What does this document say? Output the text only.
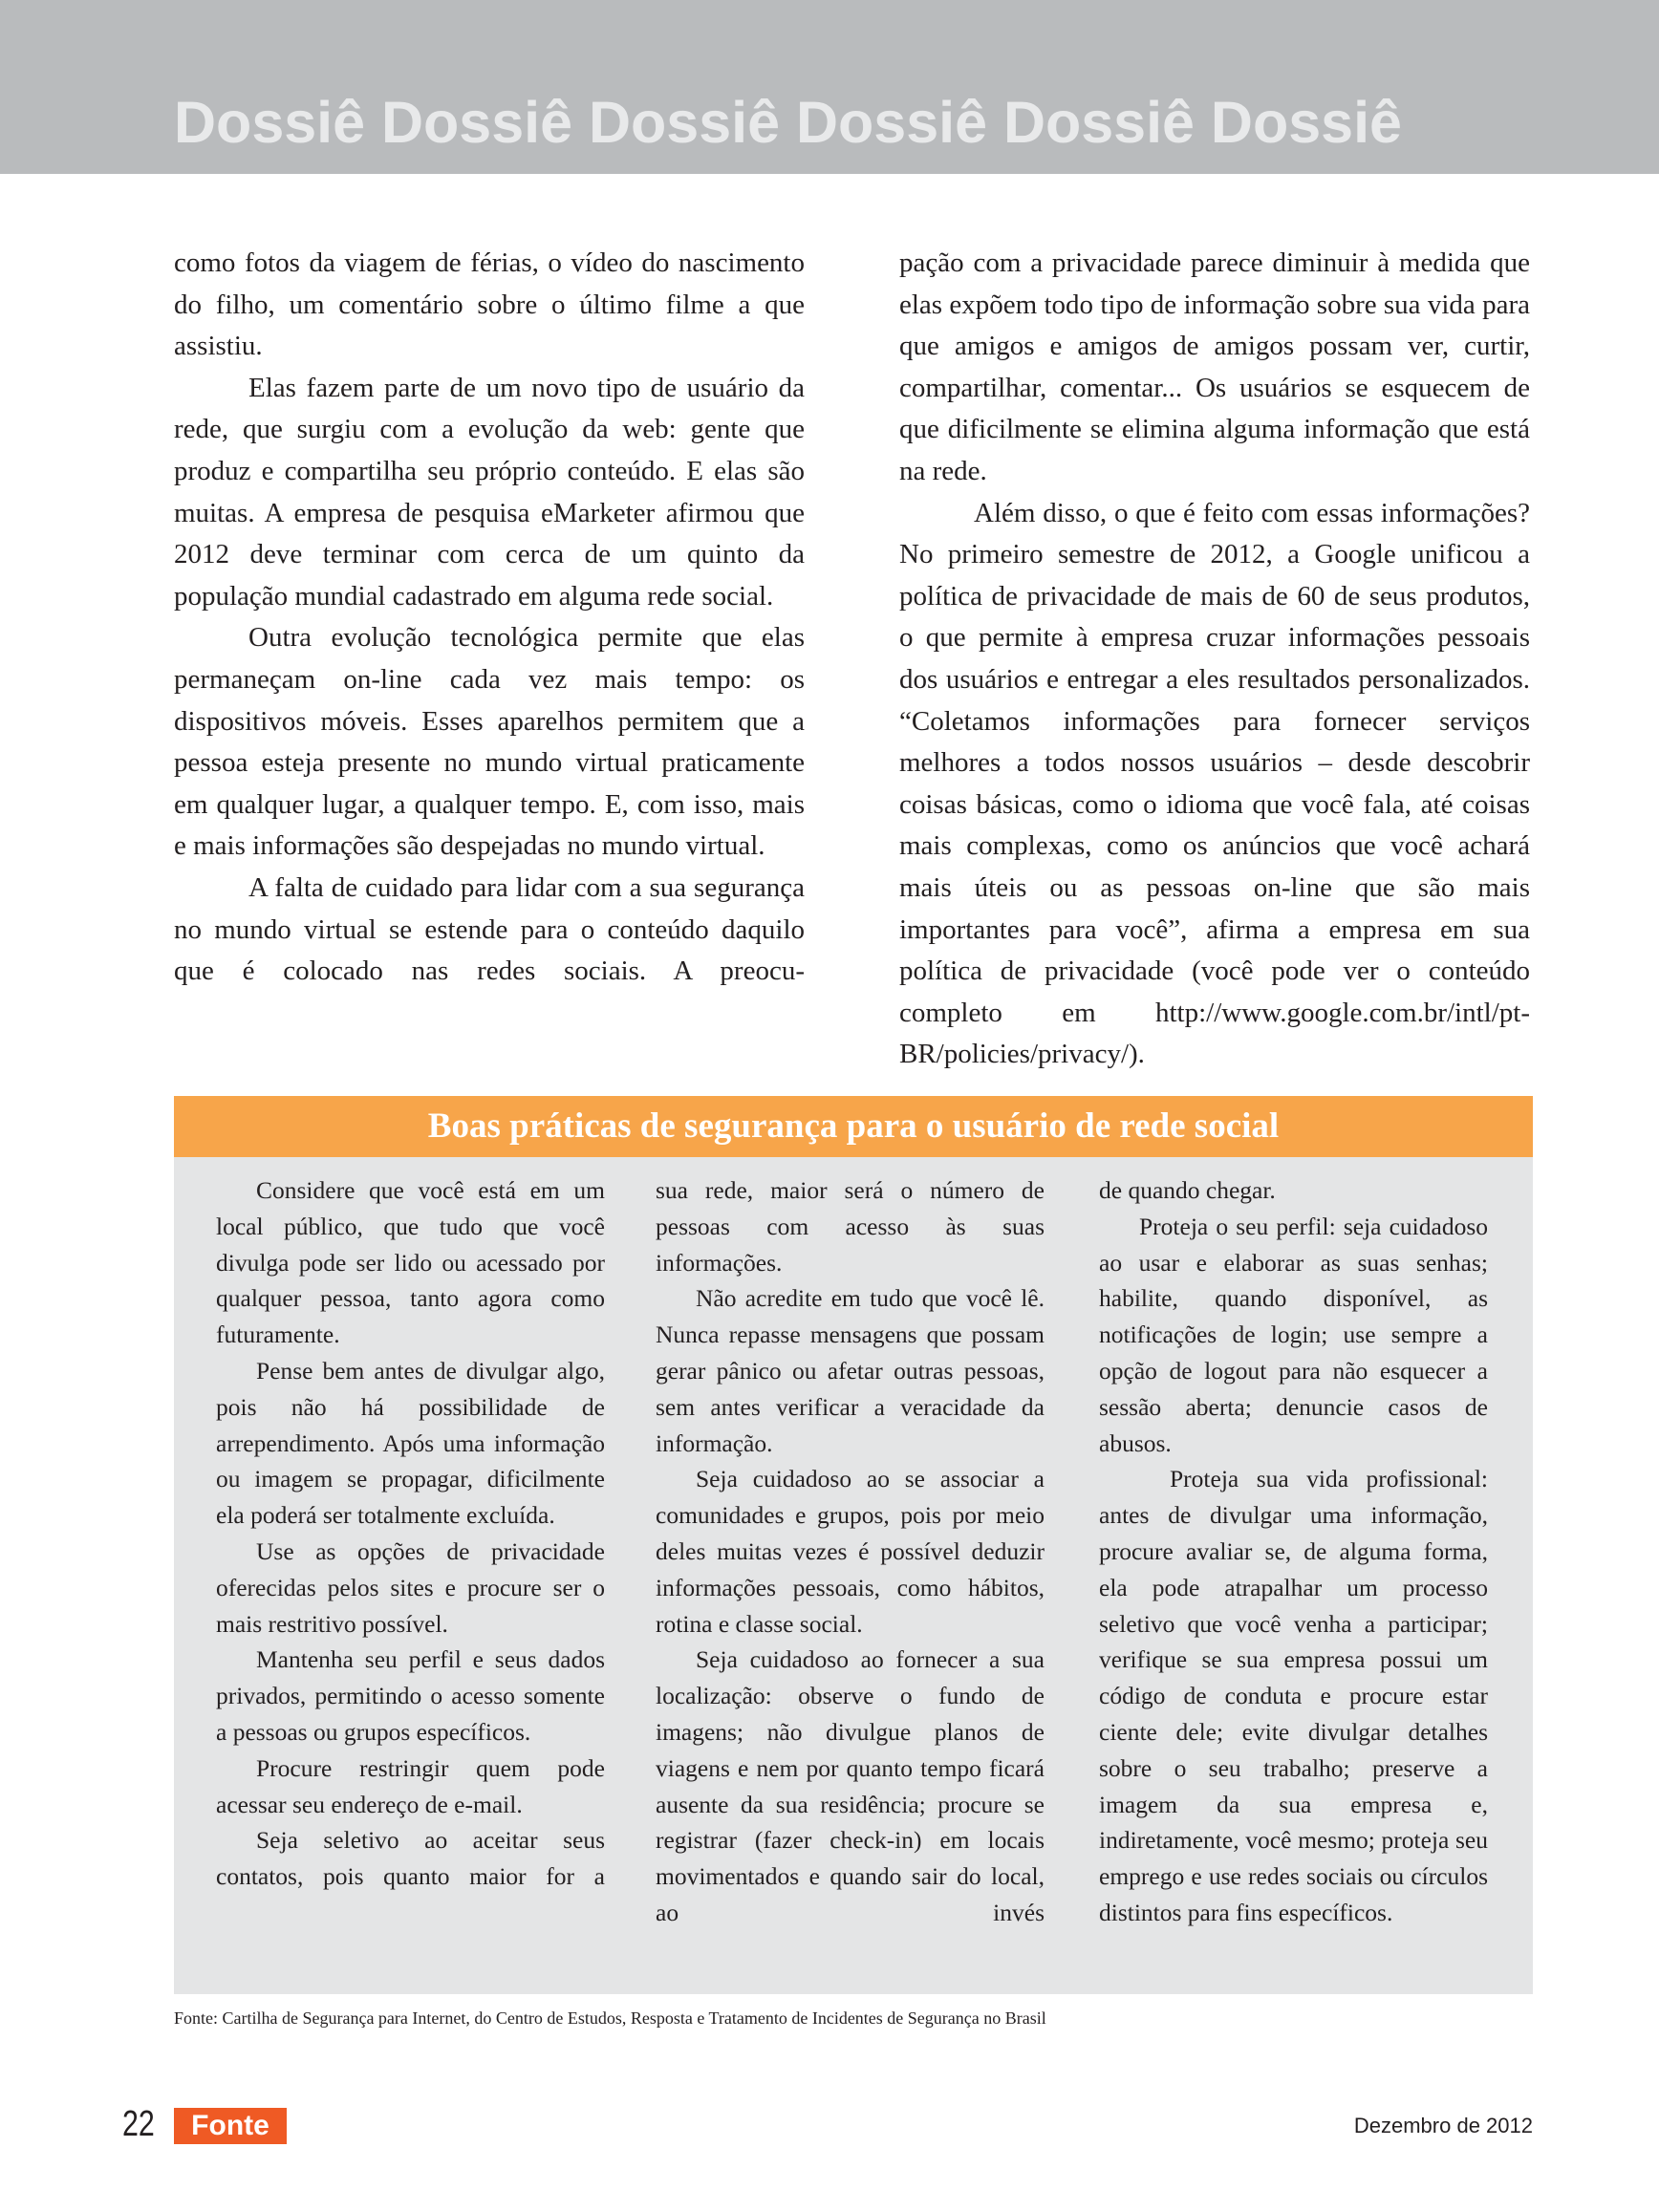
Dossiê Dossiê Dossiê Dossiê Dossiê Dossiê

como fotos da viagem de férias, o vídeo do nascimento do filho, um comentário sobre o último filme a que assistiu.

Elas fazem parte de um novo tipo de usuário da rede, que surgiu com a evolução da web: gente que produz e compartilha seu próprio conteúdo. E elas são muitas. A empresa de pesquisa eMarketer afirmou que 2012 deve terminar com cerca de um quinto da população mundial cadastrado em alguma rede social.

Outra evolução tecnológica permite que elas permaneçam on-line cada vez mais tempo: os dispositivos móveis. Esses aparelhos permitem que a pessoa esteja presente no mundo virtual praticamente em qualquer lugar, a qualquer tempo. E, com isso, mais e mais informações são despejadas no mundo virtual.

A falta de cuidado para lidar com a sua segurança no mundo virtual se estende para o conteúdo daquilo que é colocado nas redes sociais. A preocu-

pação com a privacidade parece diminuir à medida que elas expõem todo tipo de informação sobre sua vida para que amigos e amigos de amigos possam ver, curtir, compartilhar, comentar... Os usuários se esquecem de que dificilmente se elimina alguma informação que está na rede.

Além disso, o que é feito com essas informações? No primeiro semestre de 2012, a Google unificou a política de privacidade de mais de 60 de seus produtos, o que permite à empresa cruzar informações pessoais dos usuários e entregar a eles resultados personalizados. “Coletamos informações para fornecer serviços melhores a todos nossos usuários – desde descobrir coisas básicas, como o idioma que você fala, até coisas mais complexas, como os anúncios que você achará mais úteis ou as pessoas on-line que são mais importantes para você”, afirma a empresa em sua política de privacidade (você pode ver o conteúdo completo em http://www.google.com.br/intl/pt-BR/policies/privacy/).

Boas práticas de segurança para o usuário de rede social

Considere que você está em um local público, que tudo que você divulga pode ser lido ou acessado por qualquer pessoa, tanto agora como futuramente.

Pense bem antes de divulgar algo, pois não há possibilidade de arrependimento. Após uma informação ou imagem se propagar, dificilmente ela poderá ser totalmente excluída.

Use as opções de privacidade oferecidas pelos sites e procure ser o mais restritivo possível.

Mantenha seu perfil e seus dados privados, permitindo o acesso somente a pessoas ou grupos específicos.

Procure restringir quem pode acessar seu endereço de e-mail.

Seja seletivo ao aceitar seus contatos, pois quanto maior for a

sua rede, maior será o número de pessoas com acesso às suas informações.

Não acredite em tudo que você lê. Nunca repasse mensagens que possam gerar pânico ou afetar outras pessoas, sem antes verificar a veracidade da informação.

Seja cuidadoso ao se associar a comunidades e grupos, pois por meio deles muitas vezes é possível deduzir informações pessoais, como hábitos, rotina e classe social.

Seja cuidadoso ao fornecer a sua localização: observe o fundo de imagens; não divulgue planos de viagens e nem por quanto tempo ficará ausente da sua residência; procure se registrar (fazer check-in) em locais movimentados e quando sair do local, ao invés

de quando chegar.

Proteja o seu perfil: seja cuidadoso ao usar e elaborar as suas senhas; habilite, quando disponível, as notificações de login; use sempre a opção de logout para não esquecer a sessão aberta; denuncie casos de abusos.

Proteja sua vida profissional: antes de divulgar uma informação, procure avaliar se, de alguma forma, ela pode atrapalhar um processo seletivo que você venha a participar; verifique se sua empresa possui um código de conduta e procure estar ciente dele; evite divulgar detalhes sobre o seu trabalho; preserve a imagem da sua empresa e, indiretamente, você mesmo; proteja seu emprego e use redes sociais ou círculos distintos para fins específicos.

Fonte: Cartilha de Segurança para Internet, do Centro de Estudos, Resposta e Tratamento de Incidentes de Segurança no Brasil
22	Fonte	Dezembro de 2012
